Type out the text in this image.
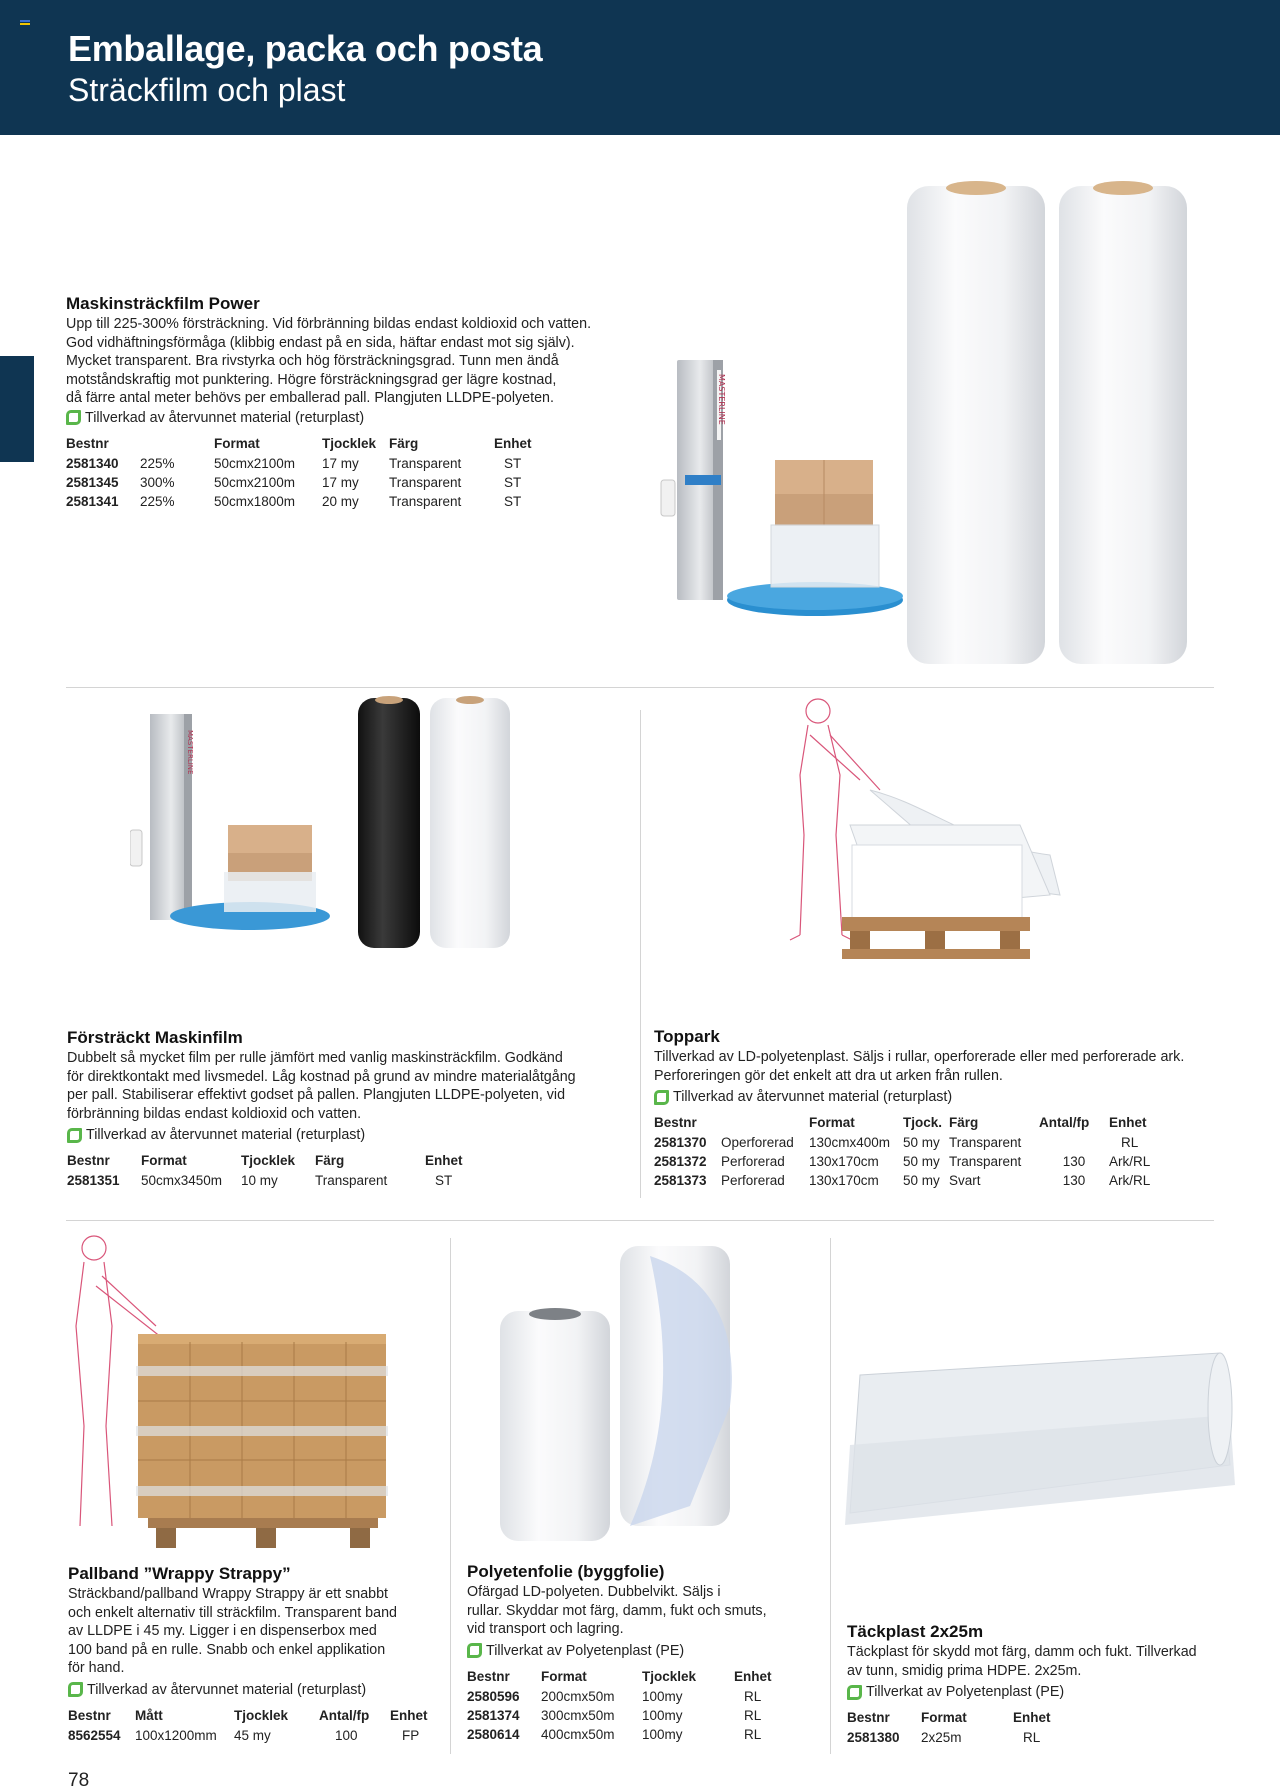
Emballage, packa och posta
Sträckfilm och plast
Maskinsträckfilm Power
Upp till 225-300% försträckning. Vid förbränning bildas endast koldioxid och vatten.
God vidhäftningsförmåga (klibbig endast på en sida, häftar endast mot sig själv).
Mycket transparent. Bra rivstyrka och hög försträckningsgrad. Tunn men ändå
motståndskraftig mot punktering. Högre försträckningsgrad ger lägre kostnad,
då färre antal meter behövs per emballerad pall. Plangjuten LLDPE-polyeten.
Tillverkad av återvunnet material (returplast)
Bestnr		Format	Tjocklek	Färg	Enhet
2581340	225%	50cmx2100m	17 my	Transparent	ST
2581345	300%	50cmx2100m	17 my	Transparent	ST
2581341	225%	50cmx1800m	20 my	Transparent	ST
MASTERLINE
MASTERLINE
Försträckt Maskinfilm
Dubbelt så mycket film per rulle jämfört med vanlig maskinsträckfilm. Godkänd
för direktkontakt med livsmedel. Låg kostnad på grund av mindre materialåtgång
per pall. Stabiliserar effektivt godset på pallen. Plangjuten LLDPE-polyeten, vid
förbränning bildas endast koldioxid och vatten.
Tillverkad av återvunnet material (returplast)
Bestnr	Format	Tjocklek	Färg	Enhet
2581351	50cmx3450m	10 my	Transparent	ST
Toppark
Tillverkad av LD-polyetenplast. Säljs i rullar, operforerade eller med perforerade ark.
Perforeringen gör det enkelt att dra ut arken från rullen.
Tillverkad av återvunnet material (returplast)
Bestnr		Format	Tjock.	Färg	Antal/fp	Enhet
2581370	Operforerad	130cmx400m	50 my	Transparent		RL
2581372	Perforerad	130x170cm	50 my	Transparent	130	Ark/RL
2581373	Perforerad	130x170cm	50 my	Svart	130	Ark/RL
Pallband ”Wrappy Strappy”
Sträckband/pallband Wrappy Strappy är ett snabbt
och enkelt alternativ till sträckfilm. Transparent band
av LLDPE i 45 my. Ligger i en dispenserbox med
100 band på en rulle. Snabb och enkel applikation
för hand.
Tillverkad av återvunnet material (returplast)
Bestnr	Mått	Tjocklek	Antal/fp	Enhet
8562554	100x1200mm	45 my	100	FP
Polyetenfolie (byggfolie)
Ofärgad LD-polyeten. Dubbelvikt. Säljs i
rullar. Skyddar mot färg, damm, fukt och smuts,
vid transport och lagring.
Tillverkat av Polyetenplast (PE)
Bestnr	Format	Tjocklek	Enhet
2580596	200cmx50m	100my	RL
2581374	300cmx50m	100my	RL
2580614	400cmx50m	100my	RL
Täckplast 2x25m
Täckplast för skydd mot färg, damm och fukt. Tillverkad
av tunn, smidig prima HDPE. 2x25m.
Tillverkat av Polyetenplast (PE)
Bestnr	Format	Enhet
2581380	2x25m	RL
78
